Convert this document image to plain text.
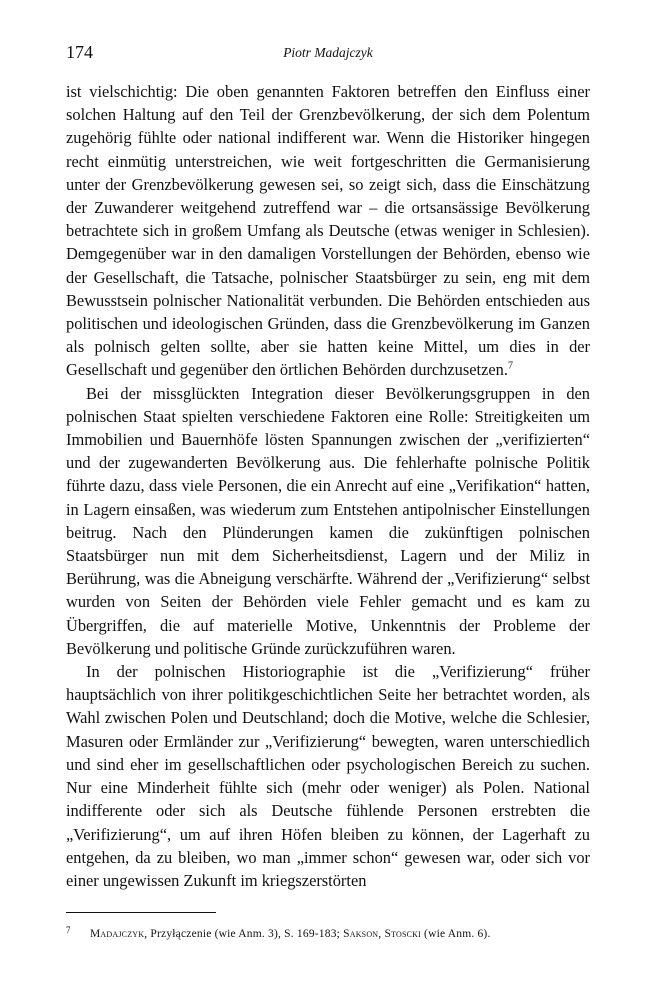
174	Piotr Madajczyk

ist vielschichtig: Die oben genannten Faktoren betreffen den Einfluss einer solchen Haltung auf den Teil der Grenzbevölkerung, der sich dem Polentum zugehörig fühlte oder national indifferent war. Wenn die Historiker hingegen recht einmütig unterstreichen, wie weit fortgeschritten die Germanisierung unter der Grenzbevölkerung gewesen sei, so zeigt sich, dass die Einschätzung der Zuwanderer weitgehend zutreffend war – die ortsansässige Bevölkerung betrachtete sich in großem Umfang als Deutsche (etwas weniger in Schlesien). Demgegenüber war in den damaligen Vorstellungen der Behörden, ebenso wie der Gesellschaft, die Tatsache, polnischer Staatsbürger zu sein, eng mit dem Bewusstsein polnischer Nationalität verbunden. Die Behörden entschieden aus politischen und ideologischen Gründen, dass die Grenzbevölkerung im Ganzen als polnisch gelten sollte, aber sie hatten keine Mittel, um dies in der Gesellschaft und gegenüber den örtlichen Behörden durchzusetzen.$^7$

Bei der missglückten Integration dieser Bevölkerungsgruppen in den polnischen Staat spielten verschiedene Faktoren eine Rolle: Streitigkeiten um Immobilien und Bauernhöfe lösten Spannungen zwischen der „verifizierten“ und der zugewanderten Bevölkerung aus. Die fehlerhafte polnische Politik führte dazu, dass viele Personen, die ein Anrecht auf eine „Verifikation“ hatten, in Lagern einsaßen, was wiederum zum Entstehen antipolnischer Einstellungen beitrug. Nach den Plünderungen kamen die zukünftigen polnischen Staatsbürger nun mit dem Sicherheitsdienst, Lagern und der Miliz in Berührung, was die Abneigung verschärfte. Während der „Verifizierung“ selbst wurden von Seiten der Behörden viele Fehler gemacht und es kam zu Übergriffen, die auf materielle Motive, Unkenntnis der Probleme der Bevölkerung und politische Gründe zurückzuführen waren.

In der polnischen Historiographie ist die „Verifizierung“ früher hauptsächlich von ihrer politikgeschichtlichen Seite her betrachtet worden, als Wahl zwischen Polen und Deutschland; doch die Motive, welche die Schlesier, Masuren oder Ermländer zur „Verifizierung“ bewegten, waren unterschiedlich und sind eher im gesellschaftlichen oder psychologischen Bereich zu suchen. Nur eine Minderheit fühlte sich (mehr oder weniger) als Polen. National indifferente oder sich als Deutsche fühlende Personen erstrebten die „Verifizierung“, um auf ihren Höfen bleiben zu können, der Lagerhaft zu entgehen, da zu bleiben, wo man „immer schon“ gewesen war, oder sich vor einer ungewissen Zukunft im kriegszerstörten

7 Madajczyk, Przyłączenie (wie Anm. 3), S. 169-183; Sakson, Stoscki (wie Anm. 6).
